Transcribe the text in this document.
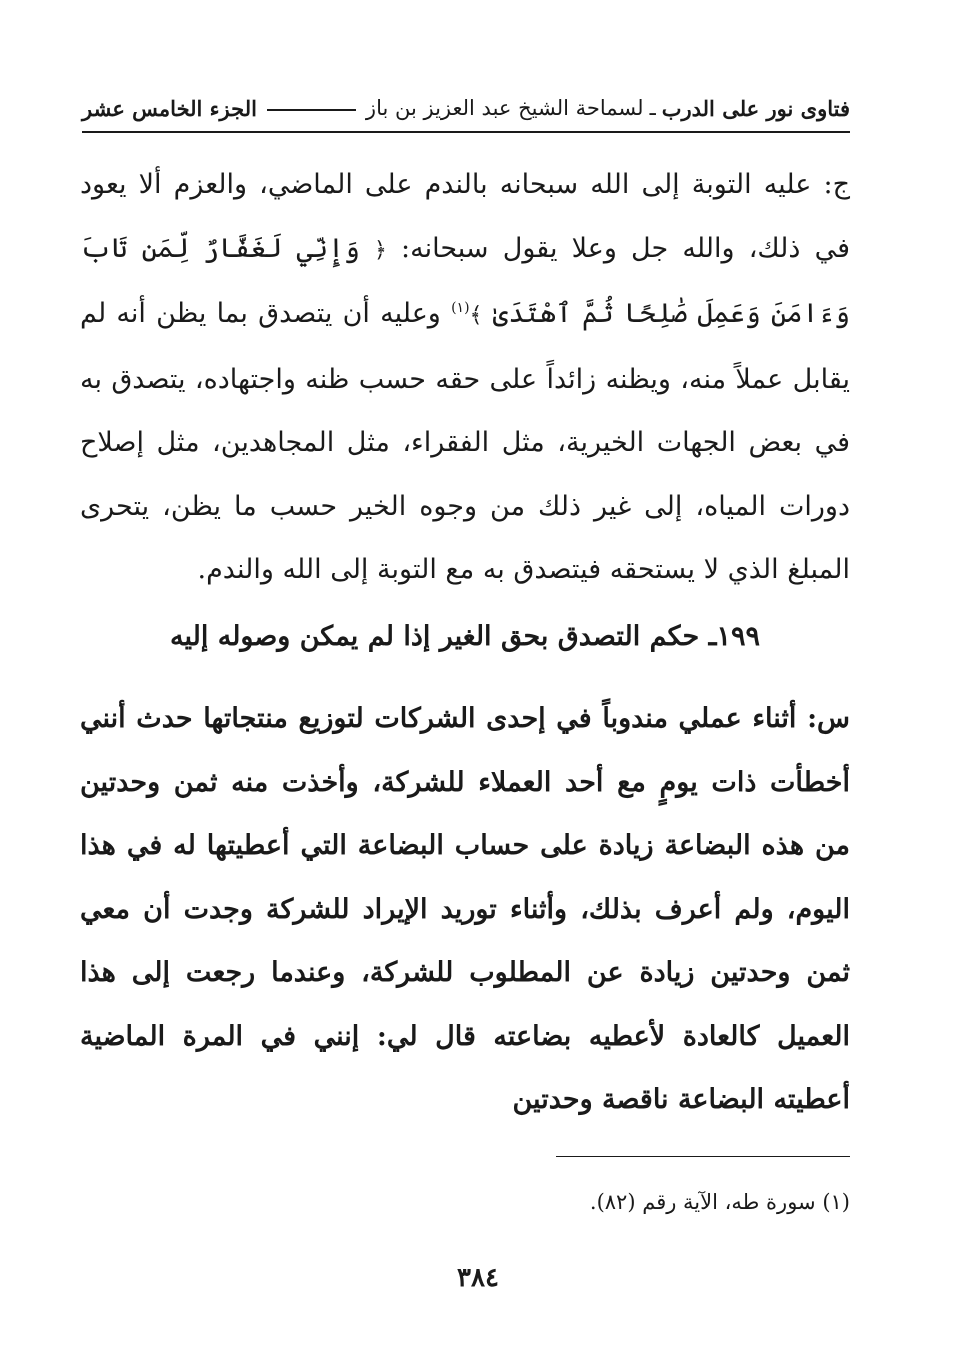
فتاوى نور على الدرب
ـ
لسماحة الشيخ عبد العزيز بن باز
الجزء الخامس عشر
ج: عليه التوبة إلى الله سبحانه بالندم على الماضي، والعزم ألا يعود في ذلك، والله جل وعلا يقول سبحانه: ﴿ وَإِنِّي لَغَفَّارٌ لِّمَن تَابَ وَءَامَنَ وَعَمِلَ صَٰلِحًا ثُمَّ ٱهْتَدَىٰ ﴾$^{(١)}$ وعليه أن يتصدق بما يظن أنه لم يقابل عملاً منه، ويظنه زائداً على حقه حسب ظنه واجتهاده، يتصدق به في بعض الجهات الخيرية، مثل الفقراء، مثل المجاهدين، مثل إصلاح دورات المياه، إلى غير ذلك من وجوه الخير حسب ما يظن، يتحرى المبلغ الذي لا يستحقه فيتصدق به مع التوبة إلى الله والندم.
١٩٩ـ حكم التصدق بحق الغير إذا لم يمكن وصوله إليه
س: أثناء عملي مندوباً في إحدى الشركات لتوزيع منتجاتها حدث أنني أخطأت ذات يومٍ مع أحد العملاء للشركة، وأخذت منه ثمن وحدتين من هذه البضاعة زيادة على حساب البضاعة التي أعطيتها له في هذا اليوم، ولم أعرف بذلك، وأثناء توريد الإيراد للشركة وجدت أن معي ثمن وحدتين زيادة عن المطلوب للشركة، وعندما رجعت إلى هذا العميل كالعادة لأعطيه بضاعته قال لي: إنني في المرة الماضية أعطيته البضاعة ناقصة وحدتين
(١) سورة طه، الآية رقم (٨٢).
٣٨٤
